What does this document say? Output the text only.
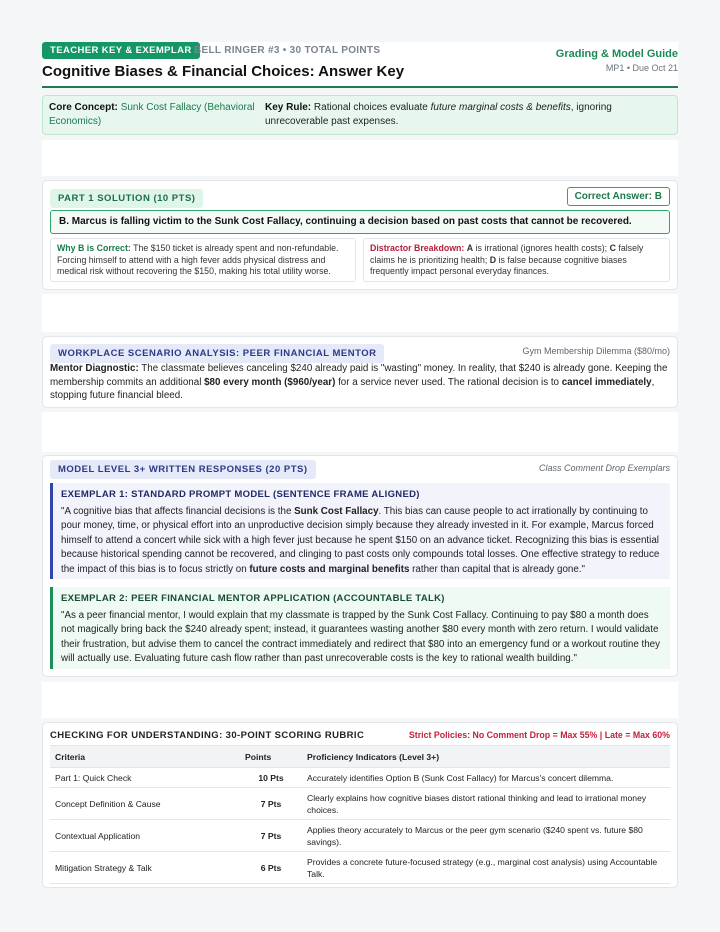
TEACHER KEY & EXEMPLAR BELL RINGER #3 • 30 TOTAL POINTS
Cognitive Biases & Financial Choices: Answer Key
Grading & Model Guide
MP1 • Due Oct 21
Core Concept: Sunk Cost Fallacy (Behavioral Economics)
Key Rule: Rational choices evaluate future marginal costs & benefits, ignoring unrecoverable past expenses.
PART 1 SOLUTION (10 PTS)	Correct Answer: B
B. Marcus is falling victim to the Sunk Cost Fallacy, continuing a decision based on past costs that cannot be recovered.
Why B is Correct: The $150 ticket is already spent and non-refundable. Forcing himself to attend with a high fever adds physical distress and medical risk without recovering the $150, making his total utility worse.
Distractor Breakdown: A is irrational (ignores health costs); C falsely claims he is prioritizing health; D is false because cognitive biases frequently impact personal everyday finances.
WORKPLACE SCENARIO ANALYSIS: PEER FINANCIAL MENTOR	Gym Membership Dilemma ($80/mo)
Mentor Diagnostic: The classmate believes canceling $240 already paid is "wasting" money. In reality, that $240 is already gone. Keeping the membership commits an additional $80 every month ($960/year) for a service never used. The rational decision is to cancel immediately, stopping future financial bleed.
MODEL LEVEL 3+ WRITTEN RESPONSES (20 PTS)	Class Comment Drop Exemplars
EXEMPLAR 1: STANDARD PROMPT MODEL (SENTENCE FRAME ALIGNED)
"A cognitive bias that affects financial decisions is the Sunk Cost Fallacy. This bias can cause people to act irrationally by continuing to pour money, time, or physical effort into an unproductive decision simply because they already invested in it. For example, Marcus forced himself to attend a concert while sick with a high fever just because he spent $150 on an advance ticket. Recognizing this bias is essential because historical spending cannot be recovered, and clinging to past costs only compounds total losses. One effective strategy to reduce the impact of this bias is to focus strictly on future costs and marginal benefits rather than capital that is already gone."
EXEMPLAR 2: PEER FINANCIAL MENTOR APPLICATION (ACCOUNTABLE TALK)
"As a peer financial mentor, I would explain that my classmate is trapped by the Sunk Cost Fallacy. Continuing to pay $80 a month does not magically bring back the $240 already spent; instead, it guarantees wasting another $80 every month with zero return. I would validate their frustration, but advise them to cancel the contract immediately and redirect that $80 into an emergency fund or a workout routine they will actually use. Evaluating future cash flow rather than past unrecoverable costs is the key to rational wealth building."
CHECKING FOR UNDERSTANDING: 30-POINT SCORING RUBRIC	Strict Policies: No Comment Drop = Max 55% | Late = Max 60%
Criteria	Points	Proficiency Indicators (Level 3+)
Part 1: Quick Check	10 Pts	Accurately identifies Option B (Sunk Cost Fallacy) for Marcus's concert dilemma.
Concept Definition & Cause	7 Pts	Clearly explains how cognitive biases distort rational thinking and lead to irrational money choices.
Contextual Application	7 Pts	Applies theory accurately to Marcus or the peer gym scenario ($240 spent vs. future $80 savings).
Mitigation Strategy & Talk	6 Pts	Provides a concrete future-focused strategy (e.g., marginal cost analysis) using Accountable Talk.
